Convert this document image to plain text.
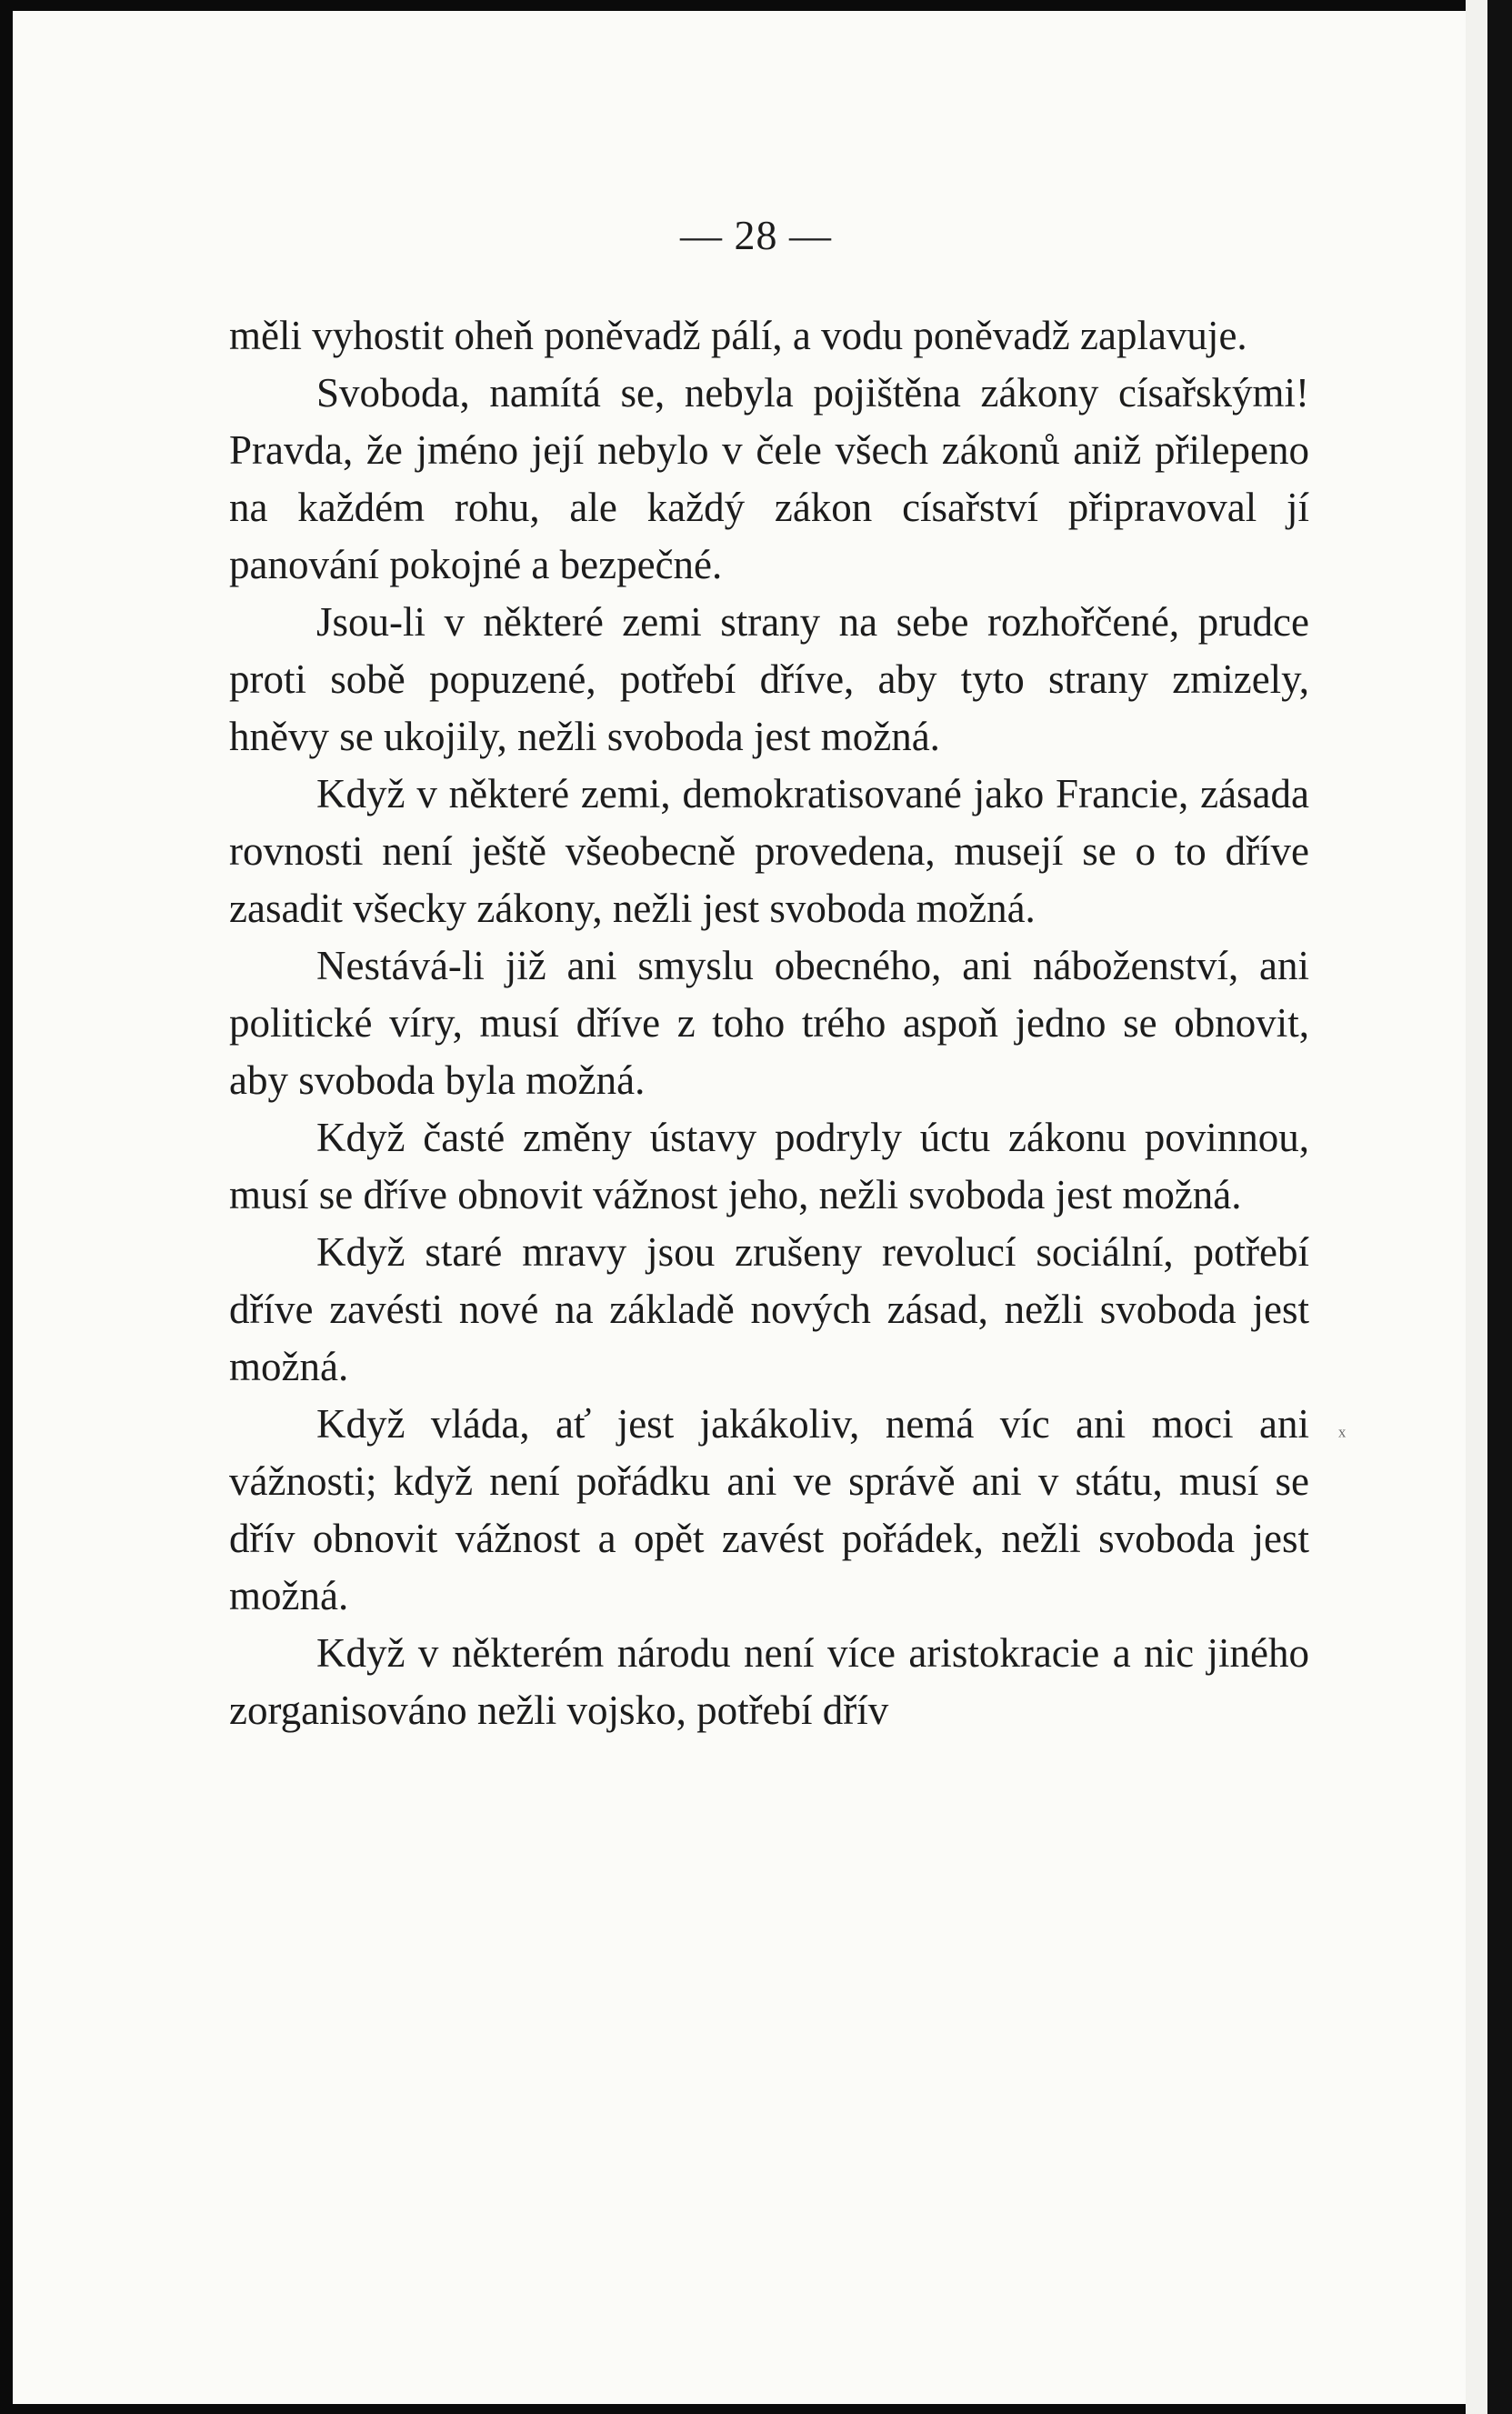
— 28 —

měli vyhostit oheň poněvadž pálí, a vodu poněvadž zaplavuje.

Svoboda, namítá se, nebyla pojištěna zákony císařskými! Pravda, že jméno její nebylo v čele všech zákonů aniž přilepeno na každém rohu, ale každý zákon císařství připravoval jí panování pokojné a bezpečné.

Jsou-li v některé zemi strany na sebe rozhořčené, prudce proti sobě popuzené, potřebí dříve, aby tyto strany zmizely, hněvy se ukojily, nežli svoboda jest možná.

Když v některé zemi, demokratisované jako Francie, zásada rovnosti není ještě všeobecně provedena, musejí se o to dříve zasadit všecky zákony, nežli jest svoboda možná.

Nestává-li již ani smyslu obecného, ani náboženství, ani politické víry, musí dříve z toho trého aspoň jedno se obnovit, aby svoboda byla možná.

Když časté změny ústavy podryly úctu zákonu povinnou, musí se dříve obnovit vážnost jeho, nežli svoboda jest možná.

Když staré mravy jsou zrušeny revolucí sociální, potřebí dříve zavésti nové na základě nových zásad, nežli svoboda jest možná.

Když vláda, ať jest jakákoliv, nemá víc ani moci ani vážnosti; když není pořádku ani ve správě ani v státu, musí se dřív obnovit vážnost a opět zavést pořádek, nežli svoboda jest možná.

Když v některém národu není více aristokracie a nic jiného zorganisováno nežli vojsko, potřebí dřív

ₓ
